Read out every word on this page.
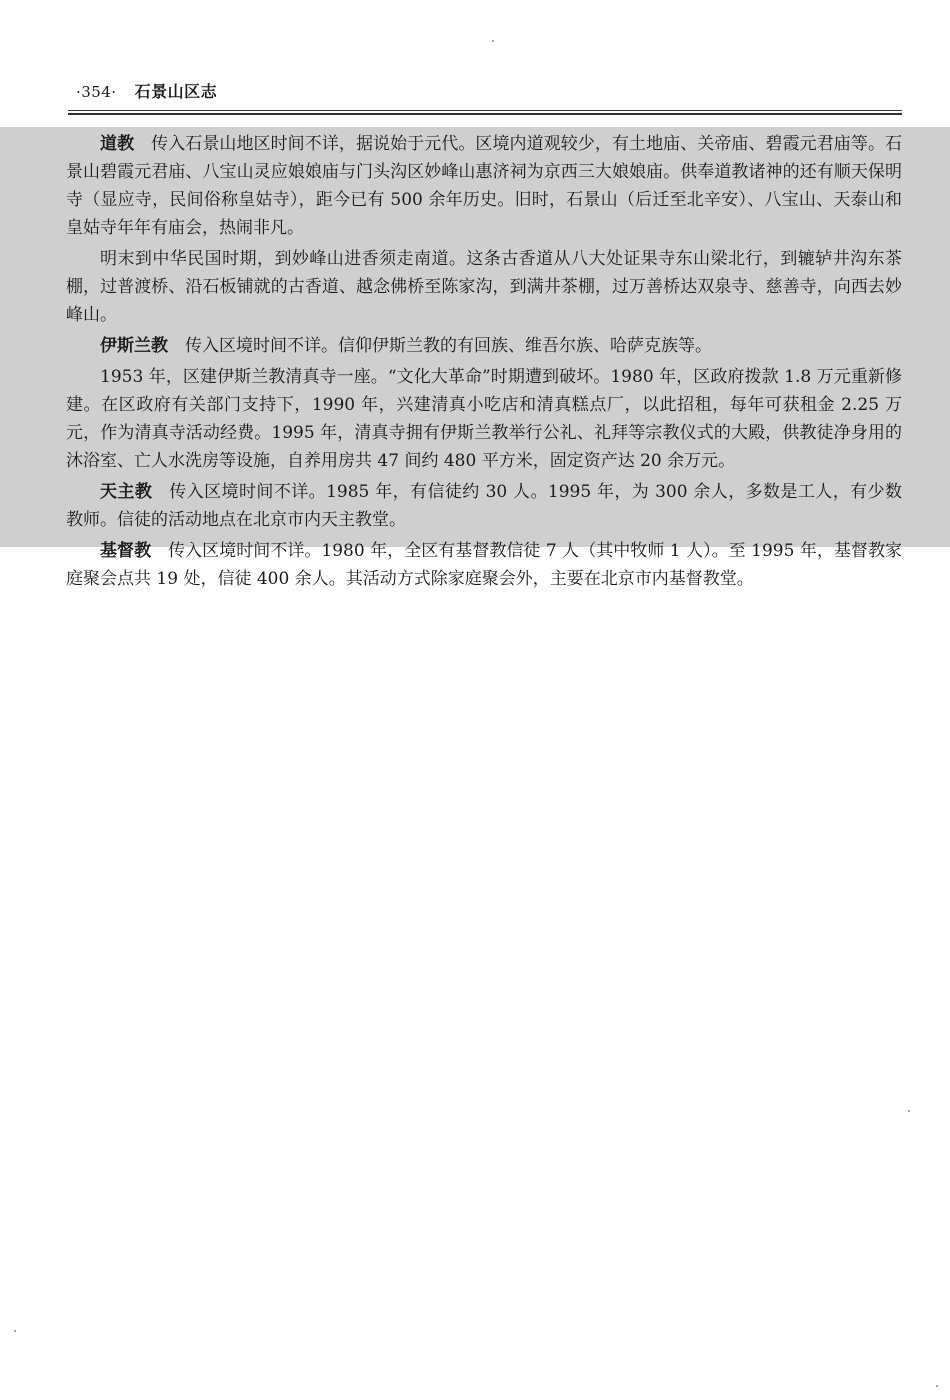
·354· 石景山区志

道教 传入石景山地区时间不详，据说始于元代。区境内道观较少，有土地庙、关帝庙、碧霞元君庙等。石景山碧霞元君庙、八宝山灵应娘娘庙与门头沟区妙峰山惠济祠为京西三大娘娘庙。供奉道教诸神的还有顺天保明寺（显应寺，民间俗称皇姑寺），距今已有 500 余年历史。旧时，石景山（后迁至北辛安）、八宝山、天泰山和皇姑寺年年有庙会，热闹非凡。

明末到中华民国时期，到妙峰山进香须走南道。这条古香道从八大处证果寺东山梁北行，到辘轳井沟东茶棚，过普渡桥、沿石板铺就的古香道、越念佛桥至陈家沟，到满井茶棚，过万善桥达双泉寺、慈善寺，向西去妙峰山。

伊斯兰教 传入区境时间不详。信仰伊斯兰教的有回族、维吾尔族、哈萨克族等。

1953 年，区建伊斯兰教清真寺一座。“文化大革命”时期遭到破坏。1980 年，区政府拨款 1.8 万元重新修建。在区政府有关部门支持下，1990 年，兴建清真小吃店和清真糕点厂，以此招租，每年可获租金 2.25 万元，作为清真寺活动经费。1995 年，清真寺拥有伊斯兰教举行公礼、礼拜等宗教仪式的大殿，供教徒净身用的沐浴室、亡人水洗房等设施，自养用房共 47 间约 480 平方米，固定资产达 20 余万元。

天主教 传入区境时间不详。1985 年，有信徒约 30 人。1995 年，为 300 余人，多数是工人，有少数教师。信徒的活动地点在北京市内天主教堂。

基督教 传入区境时间不详。1980 年，全区有基督教信徒 7 人（其中牧师 1 人）。至 1995 年，基督教家庭聚会点共 19 处，信徒 400 余人。其活动方式除家庭聚会外，主要在北京市内基督教堂。
